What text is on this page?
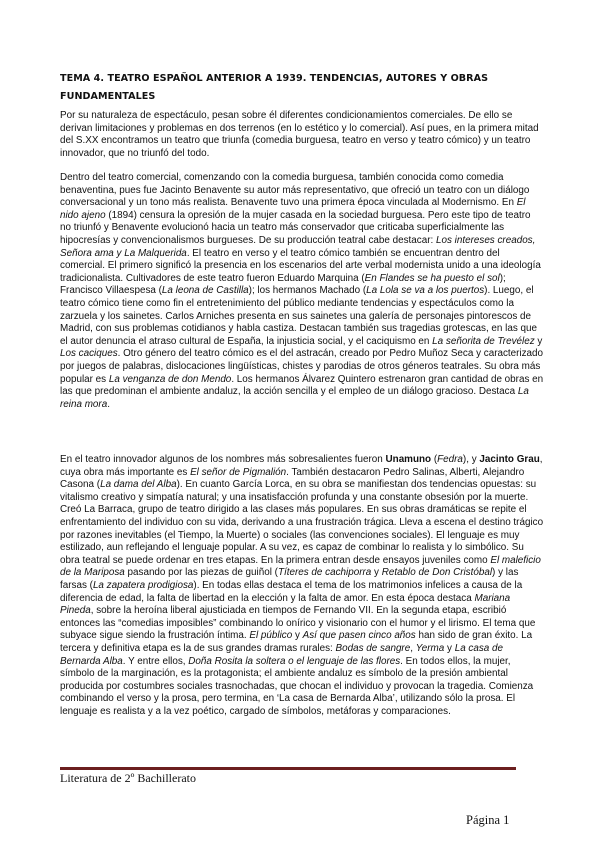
TEMA 4. TEATRO ESPAÑOL ANTERIOR A 1939. TENDENCIAS, AUTORES Y OBRAS FUNDAMENTALES

Por su naturaleza de espectáculo, pesan sobre él diferentes condicionamientos comerciales. De ello se derivan limitaciones y problemas en dos terrenos (en lo estético y lo comercial). Así pues, en la primera mitad del S.XX encontramos un teatro que triunfa (comedia burguesa, teatro en verso y teatro cómico) y un teatro innovador, que no triunfó del todo.

Dentro del teatro comercial, comenzando con la comedia burguesa, también conocida como comedia benaventina, pues fue Jacinto Benavente su autor más representativo, que ofreció un teatro con un diálogo conversacional y un tono más realista. Benavente tuvo una primera época vinculada al Modernismo. En El nido ajeno (1894) censura la opresión de la mujer casada en la sociedad burguesa. Pero este tipo de teatro no triunfó y Benavente evolucionó hacia un teatro más conservador que criticaba superficialmente las hipocresías y convencionalismos burgueses. De su producción teatral cabe destacar: Los intereses creados, Señora ama y La Malquerida. El teatro en verso y el teatro cómico también se encuentran dentro del comercial. El primero significó la presencia en los escenarios del arte verbal modernista unido a una ideología tradicionalista. Cultivadores de este teatro fueron Eduardo Marquina (En Flandes se ha puesto el sol); Francisco Villaespesa (La leona de Castilla); los hermanos Machado (La Lola se va a los puertos). Luego, el teatro cómico tiene como fin el entretenimiento del público mediante tendencias y espectáculos como la zarzuela y los sainetes. Carlos Arniches presenta en sus sainetes una galería de personajes pintorescos de Madrid, con sus problemas cotidianos y habla castiza. Destacan también sus tragedias grotescas, en las que el autor denuncia el atraso cultural de España, la injusticia social, y el caciquismo en La señorita de Trevélez y Los caciques. Otro género del teatro cómico es el del astracán, creado por Pedro Muñoz Seca y caracterizado por juegos de palabras, dislocaciones lingüísticas, chistes y parodias de otros géneros teatrales. Su obra más popular es La venganza de don Mendo. Los hermanos Álvarez Quintero estrenaron gran cantidad de obras en las que predominan el ambiente andaluz, la acción sencilla y el empleo de un diálogo gracioso. Destaca La reina mora.

En el teatro innovador algunos de los nombres más sobresalientes fueron Unamuno (Fedra), y Jacinto Grau, cuya obra más importante es El señor de Pigmalión. También destacaron Pedro Salinas, Alberti, Alejandro Casona (La dama del Alba). En cuanto García Lorca, en su obra se manifiestan dos tendencias opuestas: su vitalismo creativo y simpatía natural; y una insatisfacción profunda y una constante obsesión por la muerte. Creó La Barraca, grupo de teatro dirigido a las clases más populares. En sus obras dramáticas se repite el enfrentamiento del individuo con su vida, derivando a una frustración trágica. Lleva a escena el destino trágico por razones inevitables (el Tiempo, la Muerte) o sociales (las convenciones sociales). El lenguaje es muy estilizado, aun reflejando el lenguaje popular. A su vez, es capaz de combinar lo realista y lo simbólico. Su obra teatral se puede ordenar en tres etapas. En la primera entran desde ensayos juveniles como El maleficio de la Mariposa pasando por las piezas de guiñol (Títeres de cachiporra y Retablo de Don Cristóbal) y las farsas (La zapatera prodigiosa). En todas ellas destaca el tema de los matrimonios infelices a causa de la diferencia de edad, la falta de libertad en la elección y la falta de amor. En esta época destaca Mariana Pineda, sobre la heroína liberal ajusticiada en tiempos de Fernando VII. En la segunda etapa, escribió entonces las “comedias imposibles” combinando lo onírico y visionario con el humor y el lirismo. El tema que subyace sigue siendo la frustración íntima. El público y Así que pasen cinco años han sido de gran éxito. La tercera y definitiva etapa es la de sus grandes dramas rurales: Bodas de sangre, Yerma y La casa de Bernarda Alba. Y entre ellos, Doña Rosita la soltera o el lenguaje de las flores. En todos ellos, la mujer, símbolo de la marginación, es la protagonista; el ambiente andaluz es símbolo de la presión ambiental producida por costumbres sociales trasnochadas, que chocan el individuo y provocan la tragedia. Comienza combinando el verso y la prosa, pero termina, en ‘La casa de Bernarda Alba’, utilizando sólo la prosa. El lenguaje es realista y a la vez poético, cargado de símbolos, metáforas y comparaciones.

Literatura de 2º Bachillerato
Página 1
